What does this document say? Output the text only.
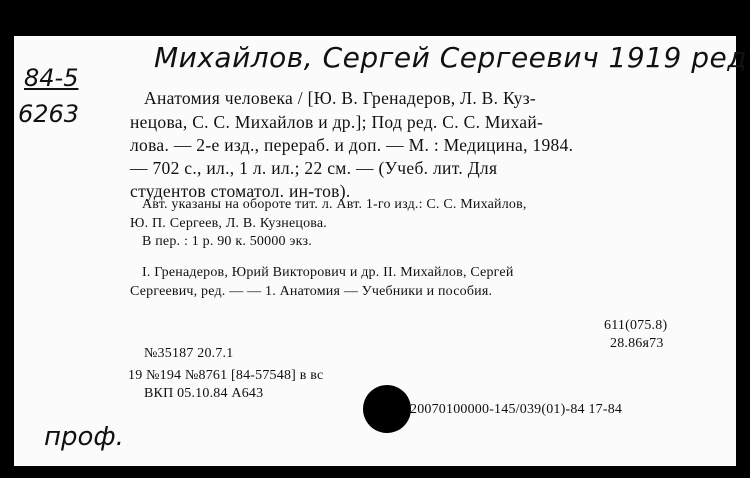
Михайлов, Сергей Сергеевич 1919 ред
84-5
6263
Анатомия человека / [Ю. В. Гренадеров, Л. В. Куз-
нецова, С. С. Михайлов и др.]; Под ред. С. С. Михай-
лова. — 2-е изд., перераб. и доп. — М. : Медицина, 1984.
— 702 с., ил., 1 л. ил.; 22 см. — (Учеб. лит. Для
студентов стоматол. ин-тов).
Авт. указаны на обороте тит. л. Авт. 1-го изд.: С. С. Михайлов,
Ю. П. Сергеев, Л. В. Кузнецова.
В пер. : 1 р. 90 к. 50000 экз.
I. Гренадеров, Юрий Викторович и др. II. Михайлов, Сергей
Сергеевич, ред. — — 1. Анатомия — Учебники и пособия.
611(075.8)
28.86я73
№35187 20.7.1
19 №194 №8761 [84-57548] в вс
ВКП 05.10.84 А643
20070100000-145/039(01)-84 17-84
проф.
